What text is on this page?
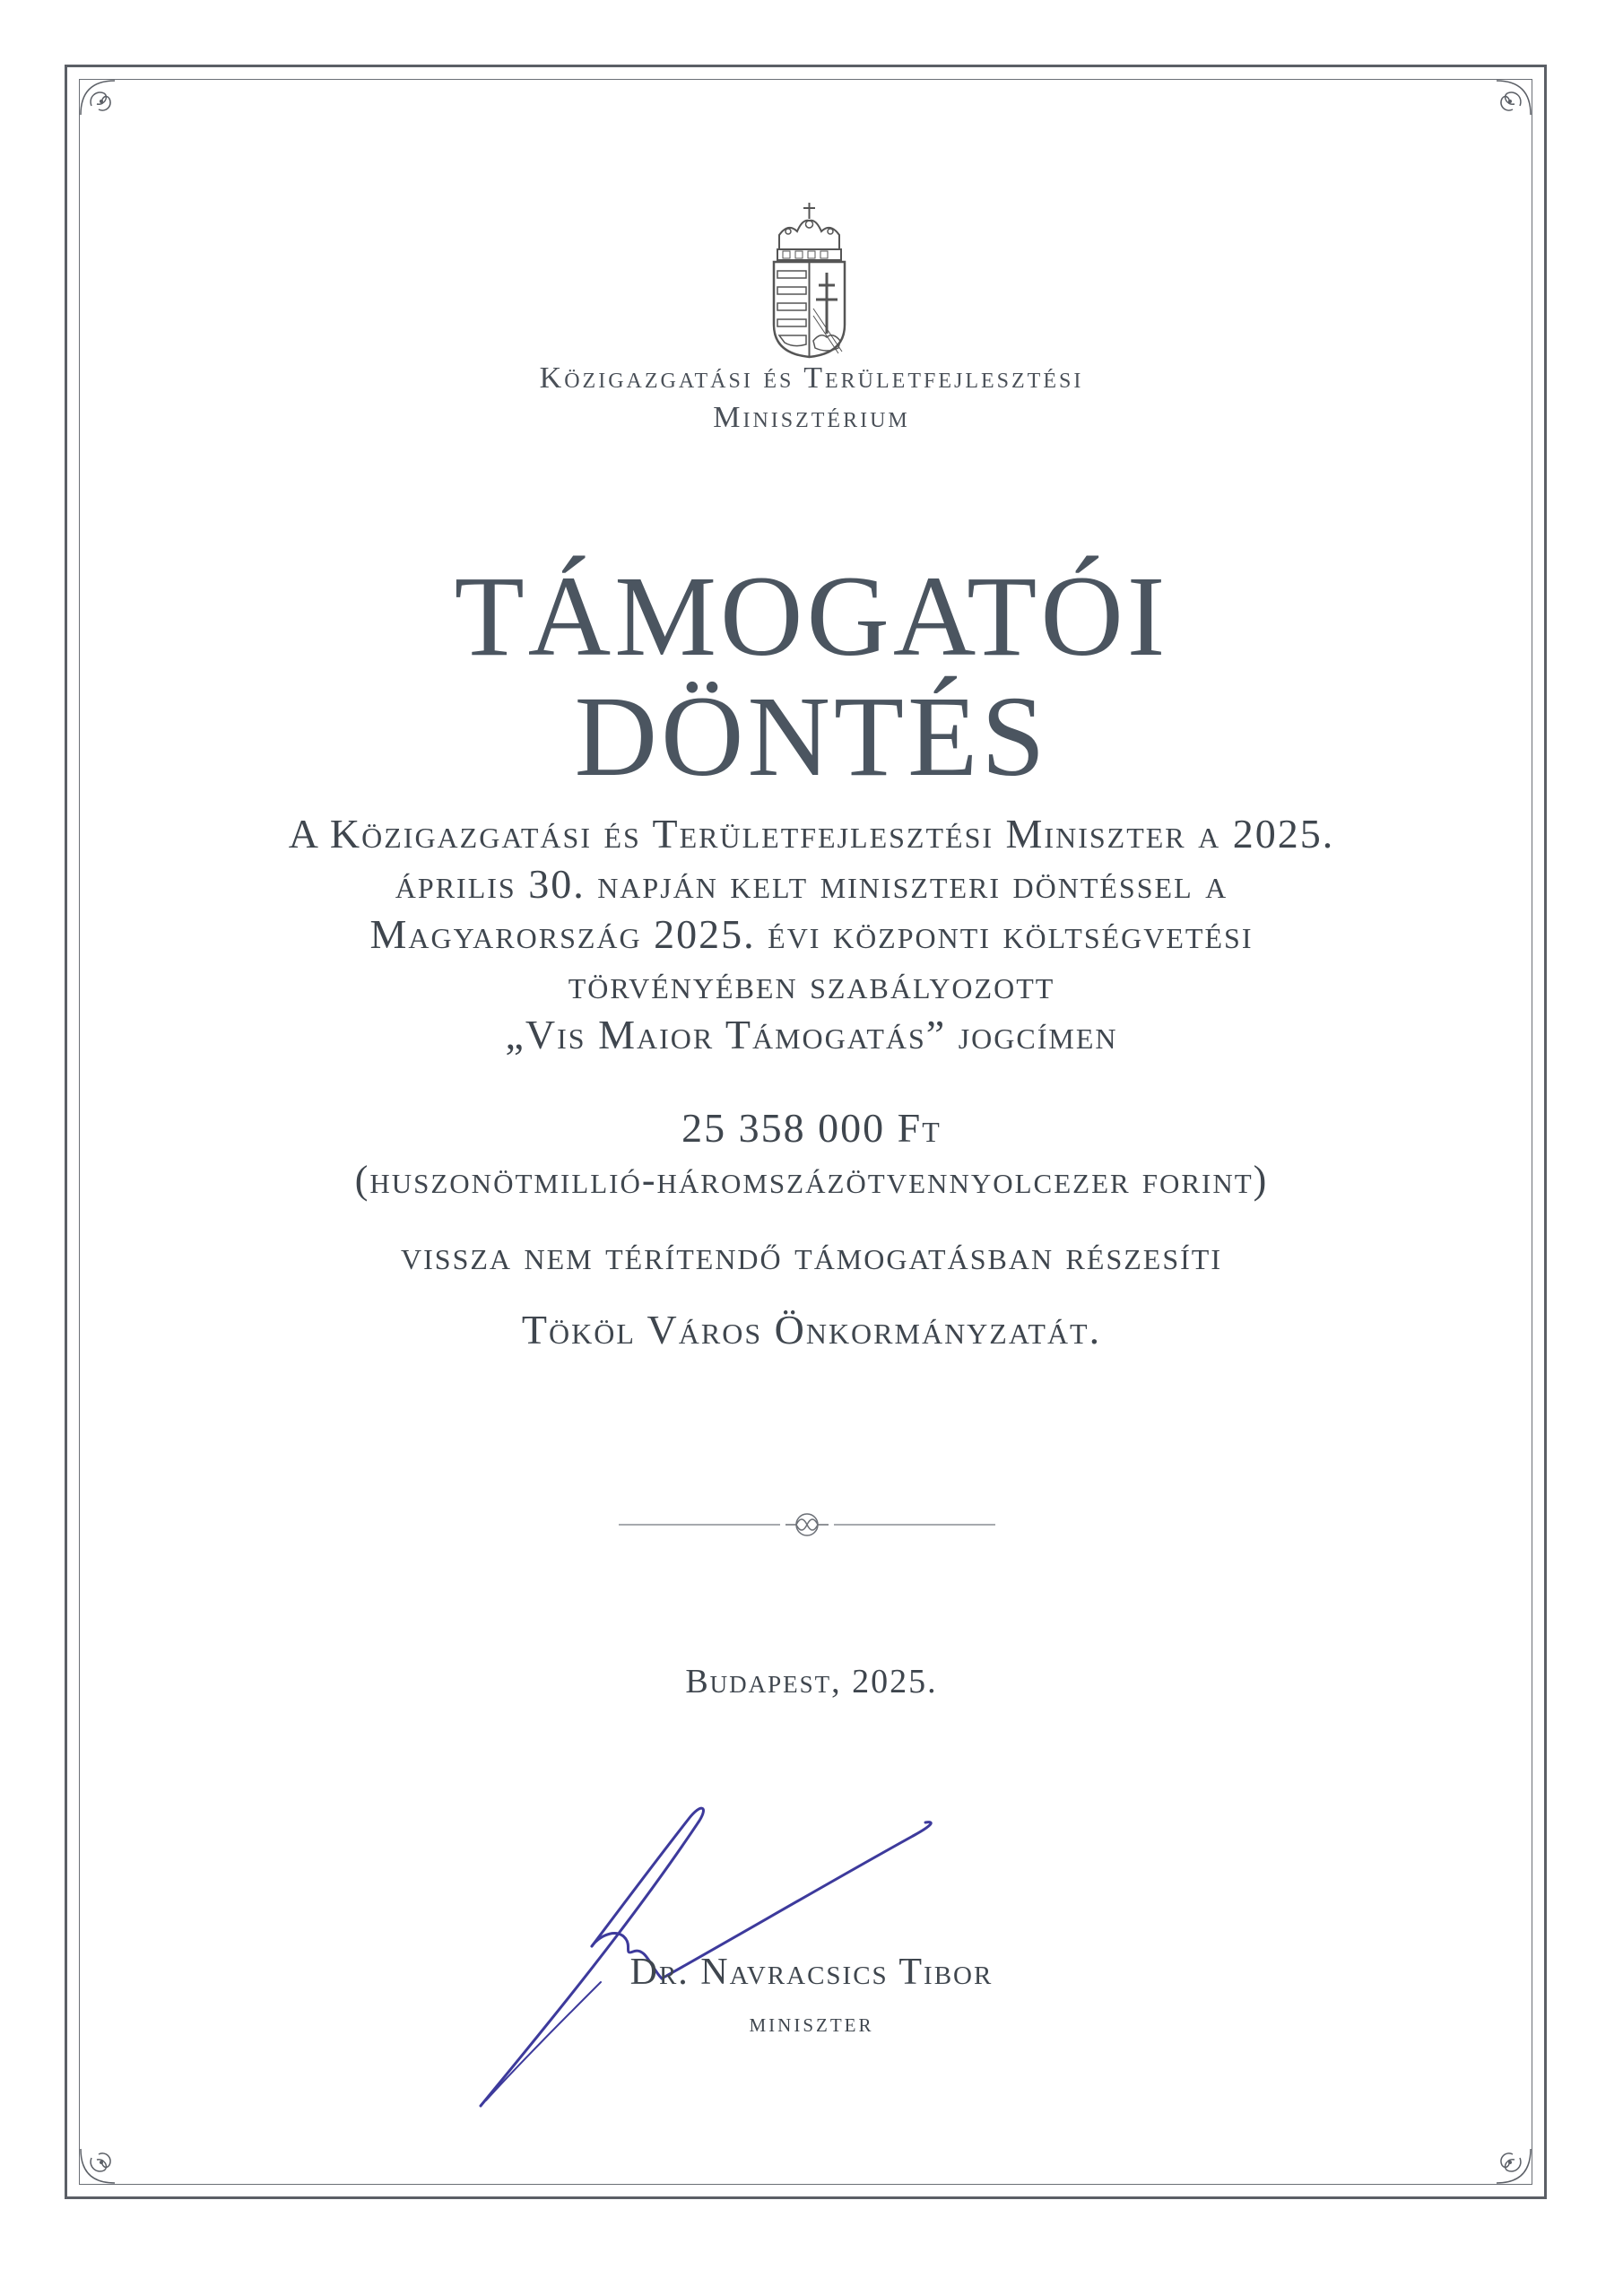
Közigazgatási és Területfejlesztési
Minisztérium
TÁMOGATÓI
DÖNTÉS
A Közigazgatási és Területfejlesztési Miniszter a 2025.
április 30. napján kelt miniszteri döntéssel a
Magyarország 2025. évi központi költségvetési
törvényében szabályozott
„Vis Maior Támogatás” jogcímen
25 358 000 Ft
(huszonötmillió-háromszázötvennyolcezer forint)
vissza nem térítendő támogatásban részesíti
Tököl Város Önkormányzatát.
Budapest, 2025.
Dr. Navracsics Tibor
miniszter
